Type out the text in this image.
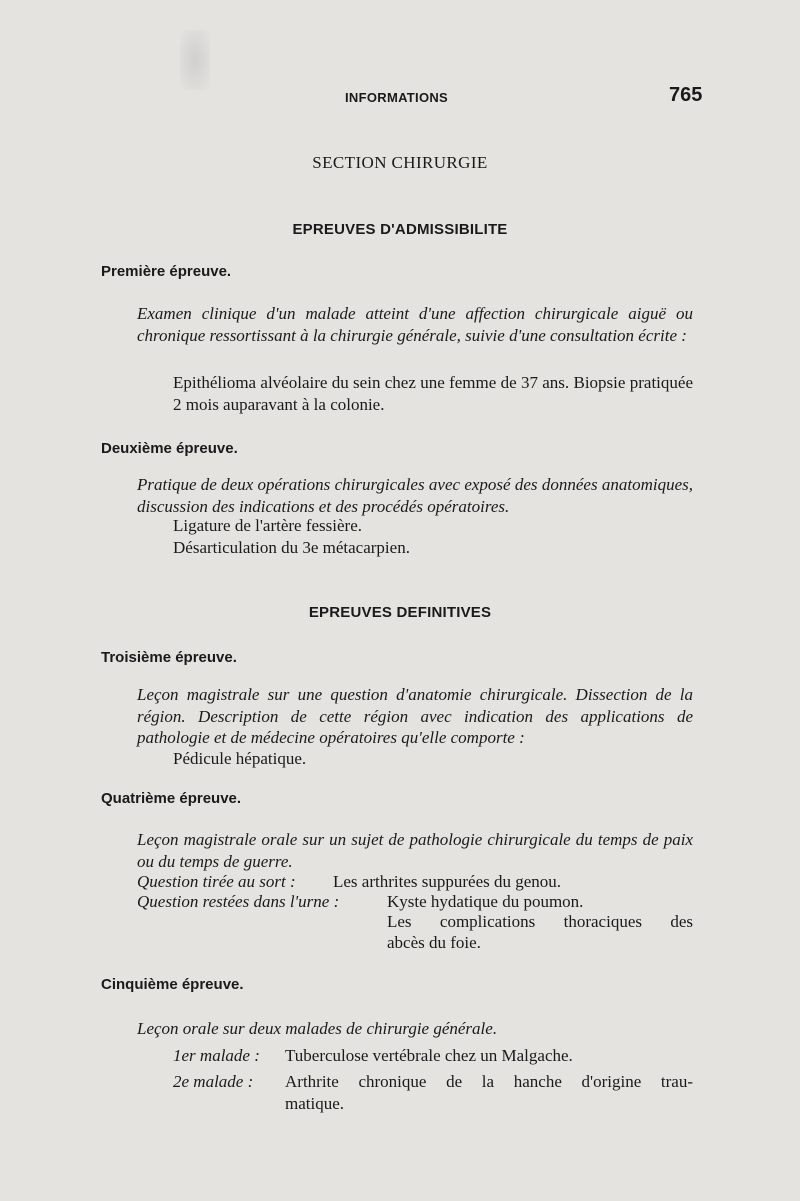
INFORMATIONS	765
SECTION CHIRURGIE
EPREUVES D'ADMISSIBILITE
Première épreuve.
Examen clinique d'un malade atteint d'une affection chirurgicale aiguë ou chronique ressortissant à la chirurgie générale, suivie d'une consultation écrite :
Epithélioma alvéolaire du sein chez une femme de 37 ans. Biopsie pratiquée 2 mois auparavant à la colonie.
Deuxième épreuve.
Pratique de deux opérations chirurgicales avec exposé des données anatomiques, discussion des indications et des procédés opératoires.
Ligature de l'artère fessière.
Désarticulation du 3e métacarpien.
EPREUVES DEFINITIVES
Troisième épreuve.
Leçon magistrale sur une question d'anatomie chirurgicale. Dissection de la région. Description de cette région avec indication des applications de pathologie et de médecine opératoires qu'elle comporte :
Pédicule hépatique.
Quatrième épreuve.
Leçon magistrale orale sur un sujet de pathologie chirurgicale du temps de paix ou du temps de guerre.
Question tirée au sort : Les arthrites suppurées du genou.
Question restées dans l'urne :	Kyste hydatique du poumon.
Les complications thoraciques des
abcès du foie.
Cinquième épreuve.
Leçon orale sur deux malades de chirurgie générale.
1er malade : Tuberculose vertébrale chez un Malgache.
2e malade : Arthrite chronique de la hanche d'origine trau-
matique.
